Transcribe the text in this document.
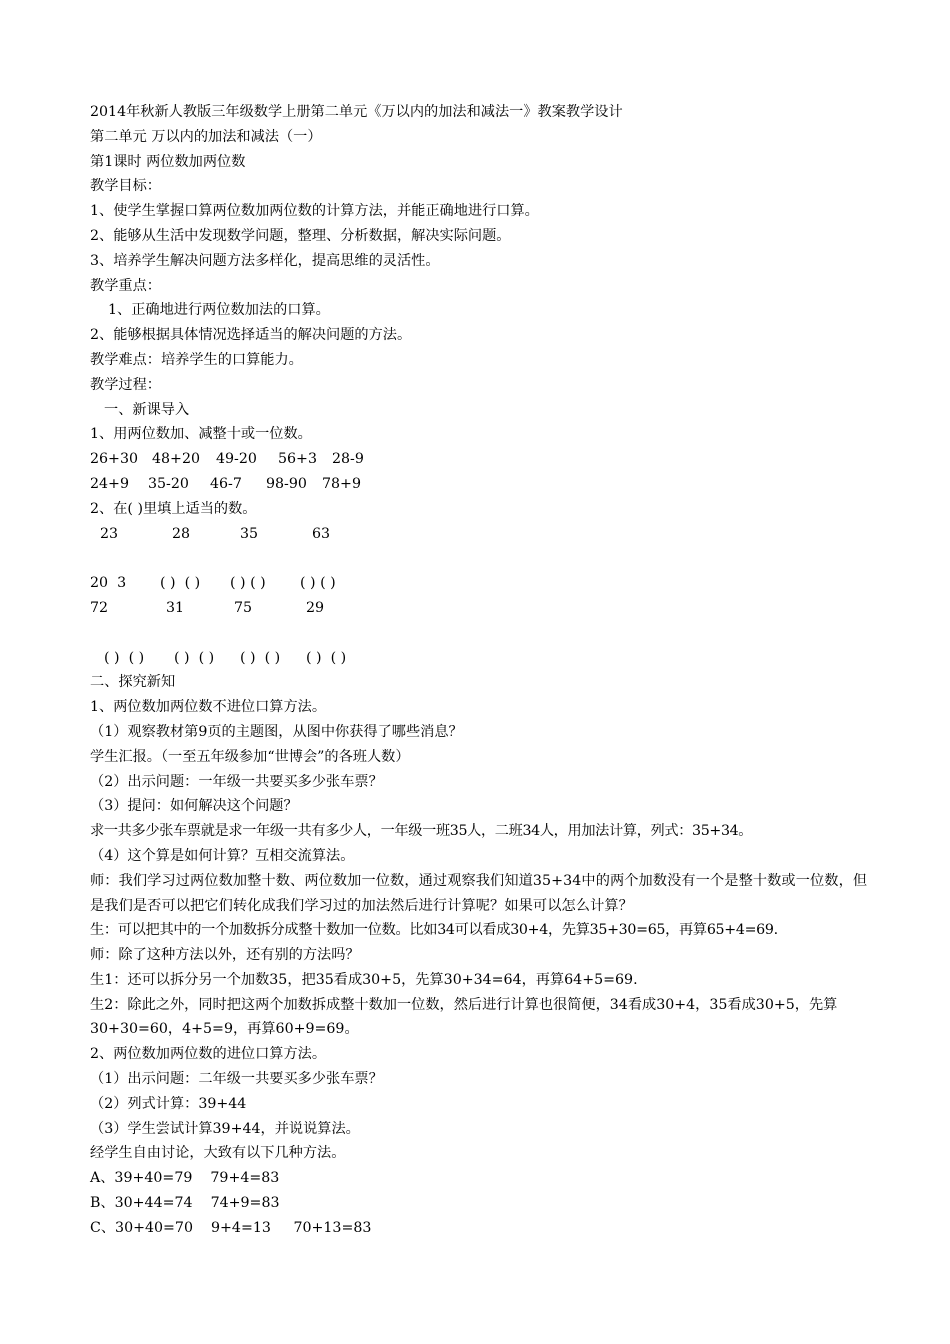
2014年秋新人教版三年级数学上册第二单元《万以内的加法和减法一》教案教学设计
第二单元 万以内的加法和减法（一）
第1课时 两位数加两位数
教学目标：
1、使学生掌握口算两位数加两位数的计算方法，并能正确地进行口算。
2、能够从生活中发现数学问题，整理、分析数据，解决实际问题。
3、培养学生解决问题方法多样化，提高思维的灵活性。
教学重点：
1、正确地进行两位数加法的口算。
2、能够根据具体情况选择适当的解决问题的方法。
教学难点：培养学生的口算能力。
教学过程：
一、新课导入
1、用两位数加、减整十或一位数。
26+30 48+20	49-20	56+3	28-9
24+9	35-20	46-7	98-90	78+9
2、在( )里填上适当的数。
23	28	35	63
20  3	( )  ( )	( ) ( )	( ) ( )
72	31	75	29
( )  ( )	( )  ( )	( )  ( )	( )  ( )
二、探究新知
1、两位数加两位数不进位口算方法。
（1）观察教材第9页的主题图，从图中你获得了哪些消息？
学生汇报。（一至五年级参加“世博会”的各班人数）
（2）出示问题：一年级一共要买多少张车票？
（3）提问：如何解决这个问题？
求一共多少张车票就是求一年级一共有多少人，一年级一班35人，二班34人，用加法计算，列式：35+34。
（4）这个算是如何计算？互相交流算法。
师：我们学习过两位数加整十数、两位数加一位数，通过观察我们知道35+34中的两个加数没有一个是整十数或一位数，但是我们是否可以把它们转化成我们学习过的加法然后进行计算呢？如果可以怎么计算？
生：可以把其中的一个加数拆分成整十数加一位数。比如34可以看成30+4，先算35+30=65，再算65+4=69.
师：除了这种方法以外，还有别的方法吗？
生1：还可以拆分另一个加数35，把35看成30+5，先算30+34=64，再算64+5=69.
生2：除此之外，同时把这两个加数拆成整十数加一位数，然后进行计算也很简便，34看成30+4，35看成30+5，先算30+30=60，4+5=9，再算60+9=69。
2、两位数加两位数的进位口算方法。
（1）出示问题：二年级一共要买多少张车票？
（2）列式计算：39+44
（3）学生尝试计算39+44，并说说算法。
经学生自由讨论，大致有以下几种方法。
A、39+40=79    79+4=83
B、30+44=74    74+9=83
C、30+40=70    9+4=13     70+13=83
